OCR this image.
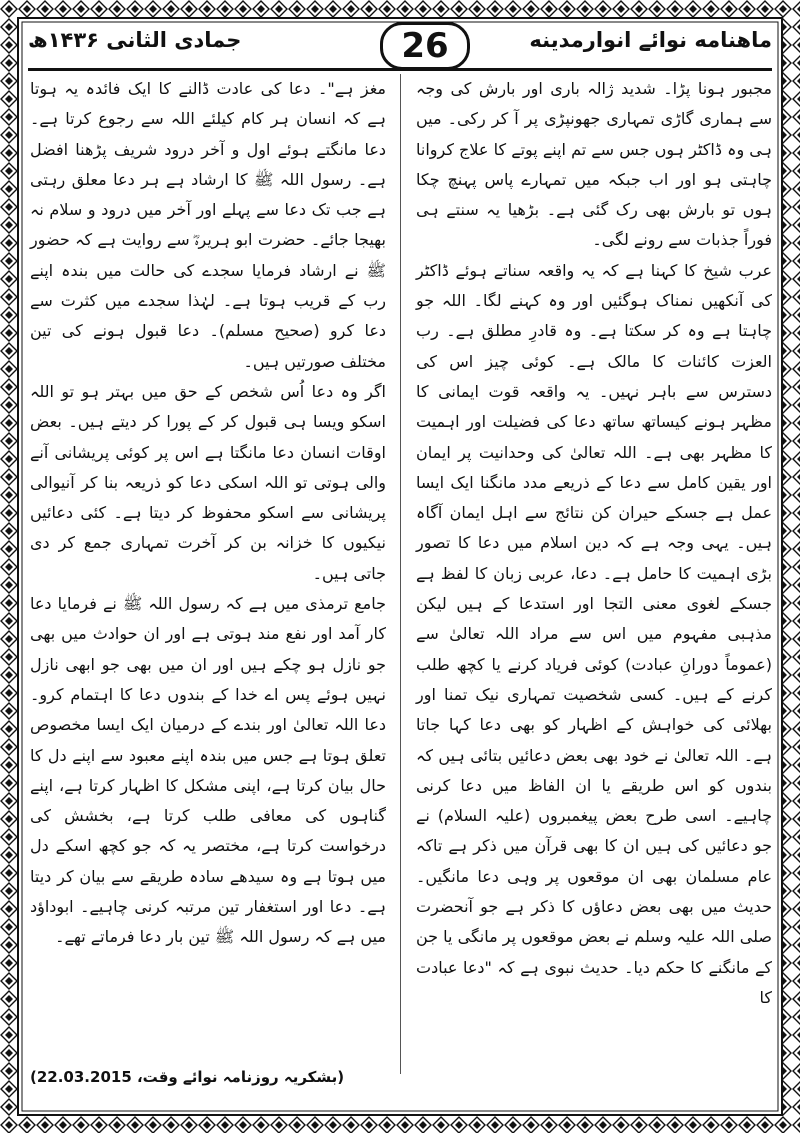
ماهنامه نوائے انوارمدینه
26
جمادی الثانی ۱۴۳۶ھ

مجبور ہونا پڑا۔ شدید ژالہ باری اور بارش کی وجہ سے ہماری گاڑی تمہاری جھونپڑی پر آ کر رکی۔ میں ہی وہ ڈاکٹر ہوں جس سے تم اپنے پوتے کا علاج کروانا چاہتی ہو اور اب جبکہ میں تمہارے پاس پہنچ چکا ہوں تو بارش بھی رک گئی ہے۔ بڑھیا یہ سنتے ہی فوراً جذبات سے رونے لگی۔

عرب شیخ کا کہنا ہے کہ یہ واقعہ سناتے ہوئے ڈاکٹر کی آنکھیں نمناک ہوگئیں اور وہ کہنے لگا۔ اللہ جو چاہتا ہے وہ کر سکتا ہے۔ وہ قادرِ مطلق ہے۔ رب العزت کائنات کا مالک ہے۔ کوئی چیز اس کی دسترس سے باہر نہیں۔ یہ واقعہ قوت ایمانی کا مظہر ہونے کیساتھ ساتھ دعا کی فضیلت اور اہمیت کا مظہر بھی ہے۔ اللہ تعالیٰ کی وحدانیت پر ایمان اور یقین کامل سے دعا کے ذریعے مدد مانگنا ایک ایسا عمل ہے جسکے حیران کن نتائج سے اہل ایمان آگاہ ہیں۔ یہی وجہ ہے کہ دین اسلام میں دعا کا تصور بڑی اہمیت کا حامل ہے۔ دعا، عربی زبان کا لفظ ہے جسکے لغوی معنی التجا اور استدعا کے ہیں لیکن مذہبی مفہوم میں اس سے مراد اللہ تعالیٰ سے (عموماً دورانِ عبادت) کوئی فریاد کرنے یا کچھ طلب کرنے کے ہیں۔ کسی شخصیت تمہاری نیک تمنا اور بھلائی کی خواہش کے اظہار کو بھی دعا کہا جاتا ہے۔ اللہ تعالیٰ نے خود بھی بعض دعائیں بتائی ہیں کہ بندوں کو اس طریقے یا ان الفاظ میں دعا کرنی چاہیے۔ اسی طرح بعض پیغمبروں (علیہ السلام) نے جو دعائیں کی ہیں ان کا بھی قرآن میں ذکر ہے تاکہ عام مسلمان بھی ان موقعوں پر وہی دعا مانگیں۔ حدیث میں بھی بعض دعاؤں کا ذکر ہے جو آنحضرت صلی اللہ علیہ وسلم نے بعض موقعوں پر مانگی یا جن کے مانگنے کا حکم دیا۔ حدیث نبوی ہے کہ "دعا عبادت کا

مغز ہے"۔ دعا کی عادت ڈالنے کا ایک فائدہ یہ ہوتا ہے کہ انسان ہر کام کیلئے اللہ سے رجوع کرتا ہے۔ دعا مانگتے ہوئے اول و آخر درود شریف پڑھنا افضل ہے۔ رسول اللہ ﷺ کا ارشاد ہے ہر دعا معلق رہتی ہے جب تک دعا سے پہلے اور آخر میں درود و سلام نہ بھیجا جائے۔ حضرت ابو ہریرہؓ سے روایت ہے کہ حضور ﷺ نے ارشاد فرمایا سجدے کی حالت میں بندہ اپنے رب کے قریب ہوتا ہے۔ لہٰذا سجدے میں کثرت سے دعا کرو (صحیح مسلم)۔ دعا قبول ہونے کی تین مختلف صورتیں ہیں۔

اگر وہ دعا اُس شخص کے حق میں بہتر ہو تو اللہ اسکو ویسا ہی قبول کر کے پورا کر دیتے ہیں۔ بعض اوقات انسان دعا مانگتا ہے اس پر کوئی پریشانی آنے والی ہوتی تو اللہ اسکی دعا کو ذریعہ بنا کر آنیوالی پریشانی سے اسکو محفوظ کر دیتا ہے۔ کئی دعائیں نیکیوں کا خزانہ بن کر آخرت تمہاری جمع کر دی جاتی ہیں۔

جامع ترمذی میں ہے کہ رسول اللہ ﷺ نے فرمایا دعا کار آمد اور نفع مند ہوتی ہے اور ان حوادث میں بھی جو نازل ہو چکے ہیں اور ان میں بھی جو ابھی نازل نہیں ہوئے پس اے خدا کے بندوں دعا کا اہتمام کرو۔ دعا اللہ تعالیٰ اور بندے کے درمیان ایک ایسا مخصوص تعلق ہوتا ہے جس میں بندہ اپنے معبود سے اپنے دل کا حال بیان کرتا ہے، اپنی مشکل کا اظہار کرتا ہے، اپنے گناہوں کی معافی طلب کرتا ہے، بخشش کی درخواست کرتا ہے، مختصر یہ کہ جو کچھ اسکے دل میں ہوتا ہے وہ سیدھے سادہ طریقے سے بیان کر دیتا ہے۔ دعا اور استغفار تین مرتبہ کرنی چاہیے۔ ابوداؤد میں ہے کہ رسول اللہ ﷺ تین بار دعا فرماتے تھے۔

(بشکریہ روزنامہ نوائے وقت، 22.03.2015)
